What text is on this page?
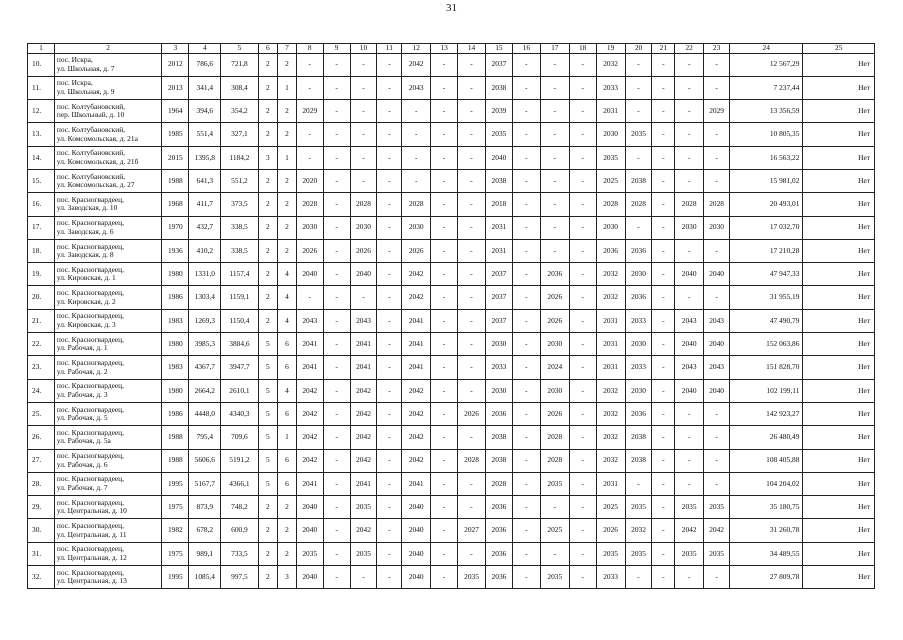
31
1	2	3	4	5	6	7	8	9	10	11	12	13	14	15	16	17	18	19	20	21	22	23	24	25
10.	пос. Искра,
ул. Школьная, д. 7	2012	786,6	721,8	2	2	-	-	-	-	2042	-	-	2037	-	-	-	2032	-	-	-	-	12 567,29	Нет
11.	пос. Искра,
ул. Школьная, д. 9	2013	341,4	308,4	2	1	-	-	-	-	2043	-	-	2038	-	-	-	2033	-	-	-	-	7 237,44	Нет
12.	пос. Колтубановский,
пер. Школьный, д. 10	1964	394,6	354,2	2	2	2029	-	-	-	-	-	-	2039	-	-	-	2031	-	-	-	2029	13 356,59	Нет
13.	пос. Колтубановский,
ул. Комсомольская, д. 21а	1985	551,4	327,1	2	2	-	-	-	-	-	-	-	2035	-	-	-	2030	2035	-	-	-	10 805,35	Нет
14.	пос. Колтубановский,
ул. Комсомольская, д. 21б	2015	1395,8	1184,2	3	1	-	-	-	-	-	-	-	2040	-	-	-	2035	-	-	-	-	16 563,22	Нет
15.	пос. Колтубановский,
ул. Комсомольская, д. 27	1988	641,3	551,2	2	2	2020	-	-	-	-	-	-	2038	-	-	-	2025	2038	-	-	-	15 981,02	Нет
16.	пос. Красногвардеец,
ул. Заводская, д. 10	1968	411,7	373,5	2	2	2028	-	2028	-	2028	-	-	2018	-	-	-	2028	2028	-	2028	2028	20 493,01	Нет
17.	пос. Красногвардеец,
ул. Заводская, д. 6	1970	432,7	338,5	2	2	2030	-	2030	-	2030	-	-	2031	-	-	-	2030	-	-	2030	2030	17 032,70	Нет
18.	пос. Красногвардеец,
ул. Заводская, д. 8	1936	410,2	338,5	2	2	2026	-	2026	-	2026	-	-	2031	-	-	-	2036	2036	-	-	-	17 210,28	Нет
19.	пос. Красногвардеец,
ул. Кировская, д. 1	1980	1331,0	1157,4	2	4	2040	-	2040	-	2042	-	-	2037	-	2036	-	2032	2030	-	2040	2040	47 947,33	Нет
20.	пос. Красногвардеец,
ул. Кировская, д. 2	1986	1303,4	1159,1	2	4	-	-	-	-	2042	-	-	2037	-	2026	-	2032	2036	-	-	-	31 955,19	Нет
21.	пос. Красногвардеец,
ул. Кировская, д. 3	1983	1269,3	1150,4	2	4	2043	-	2043	-	2041	-	-	2037	-	2026	-	2031	2033	-	2043	2043	47 490,79	Нет
22.	пос. Красногвардеец,
ул. Рабочая, д. 1	1980	3985,3	3884,6	5	6	2041	-	2041	-	2041	-	-	2030	-	2030	-	2031	2030	-	2040	2040	152 063,86	Нет
23.	пос. Красногвардеец,
ул. Рабочая, д. 2	1983	4367,7	3947,7	5	6	2041	-	2041	-	2041	-	-	2033	-	2024	-	2031	2033	-	2043	2043	151 828,70	Нет
24.	пос. Красногвардеец,
ул. Рабочая, д. 3	1980	2664,2	2610,1	5	4	2042	-	2042	-	2042	-	-	2030	-	2030	-	2032	2030	-	2040	2040	102 199,11	Нет
25.	пос. Красногвардеец,
ул. Рабочая, д. 5	1986	4448,0	4340,3	5	6	2042	-	2042	-	2042	-	2026	2036	-	2026	-	2032	2036	-	-	-	142 923,27	Нет
26.	пос. Красногвардеец,
ул. Рабочая, д. 5а	1988	795,4	709,6	5	1	2042	-	2042	-	2042	-	-	2038	-	2028	-	2032	2038	-	-	-	26 480,49	Нет
27.	пос. Красногвардеец,
ул. Рабочая, д. 6	1988	5606,6	5191,2	5	6	2042	-	2042	-	2042	-	2028	2038	-	2028	-	2032	2038	-	-	-	108 405,88	Нет
28.	пос. Красногвардеец,
ул. Рабочая, д. 7	1995	5167,7	4366,1	5	6	2041	-	2041	-	2041	-	-	2028	-	2035	-	2031	-	-	-	-	104 204,02	Нет
29.	пос. Красногвардеец,
ул. Центральная, д. 10	1975	873,9	748,2	2	2	2040	-	2035	-	2040	-	-	2036	-	-	-	2025	2035	-	2035	2035	35 180,75	Нет
30.	пос. Красногвардеец,
ул. Центральная, д. 11	1982	678,2	600,9	2	2	2040	-	2042	-	2040	-	2027	2036	-	2025	-	2026	2032	-	2042	2042	31 260,78	Нет
31.	пос. Красногвардеец,
ул. Центральная, д. 12	1975	989,1	733,5	2	2	2035	-	2035	-	2040	-	-	2036	-	-	-	2035	2035	-	2035	2035	34 489,55	Нет
32.	пос. Красногвардеец,
ул. Центральная, д. 13	1995	1085,4	997,5	2	3	2040	-	-	-	2040	-	2035	2036	-	2035	-	2033	-	-	-	-	27 809,78	Нет
